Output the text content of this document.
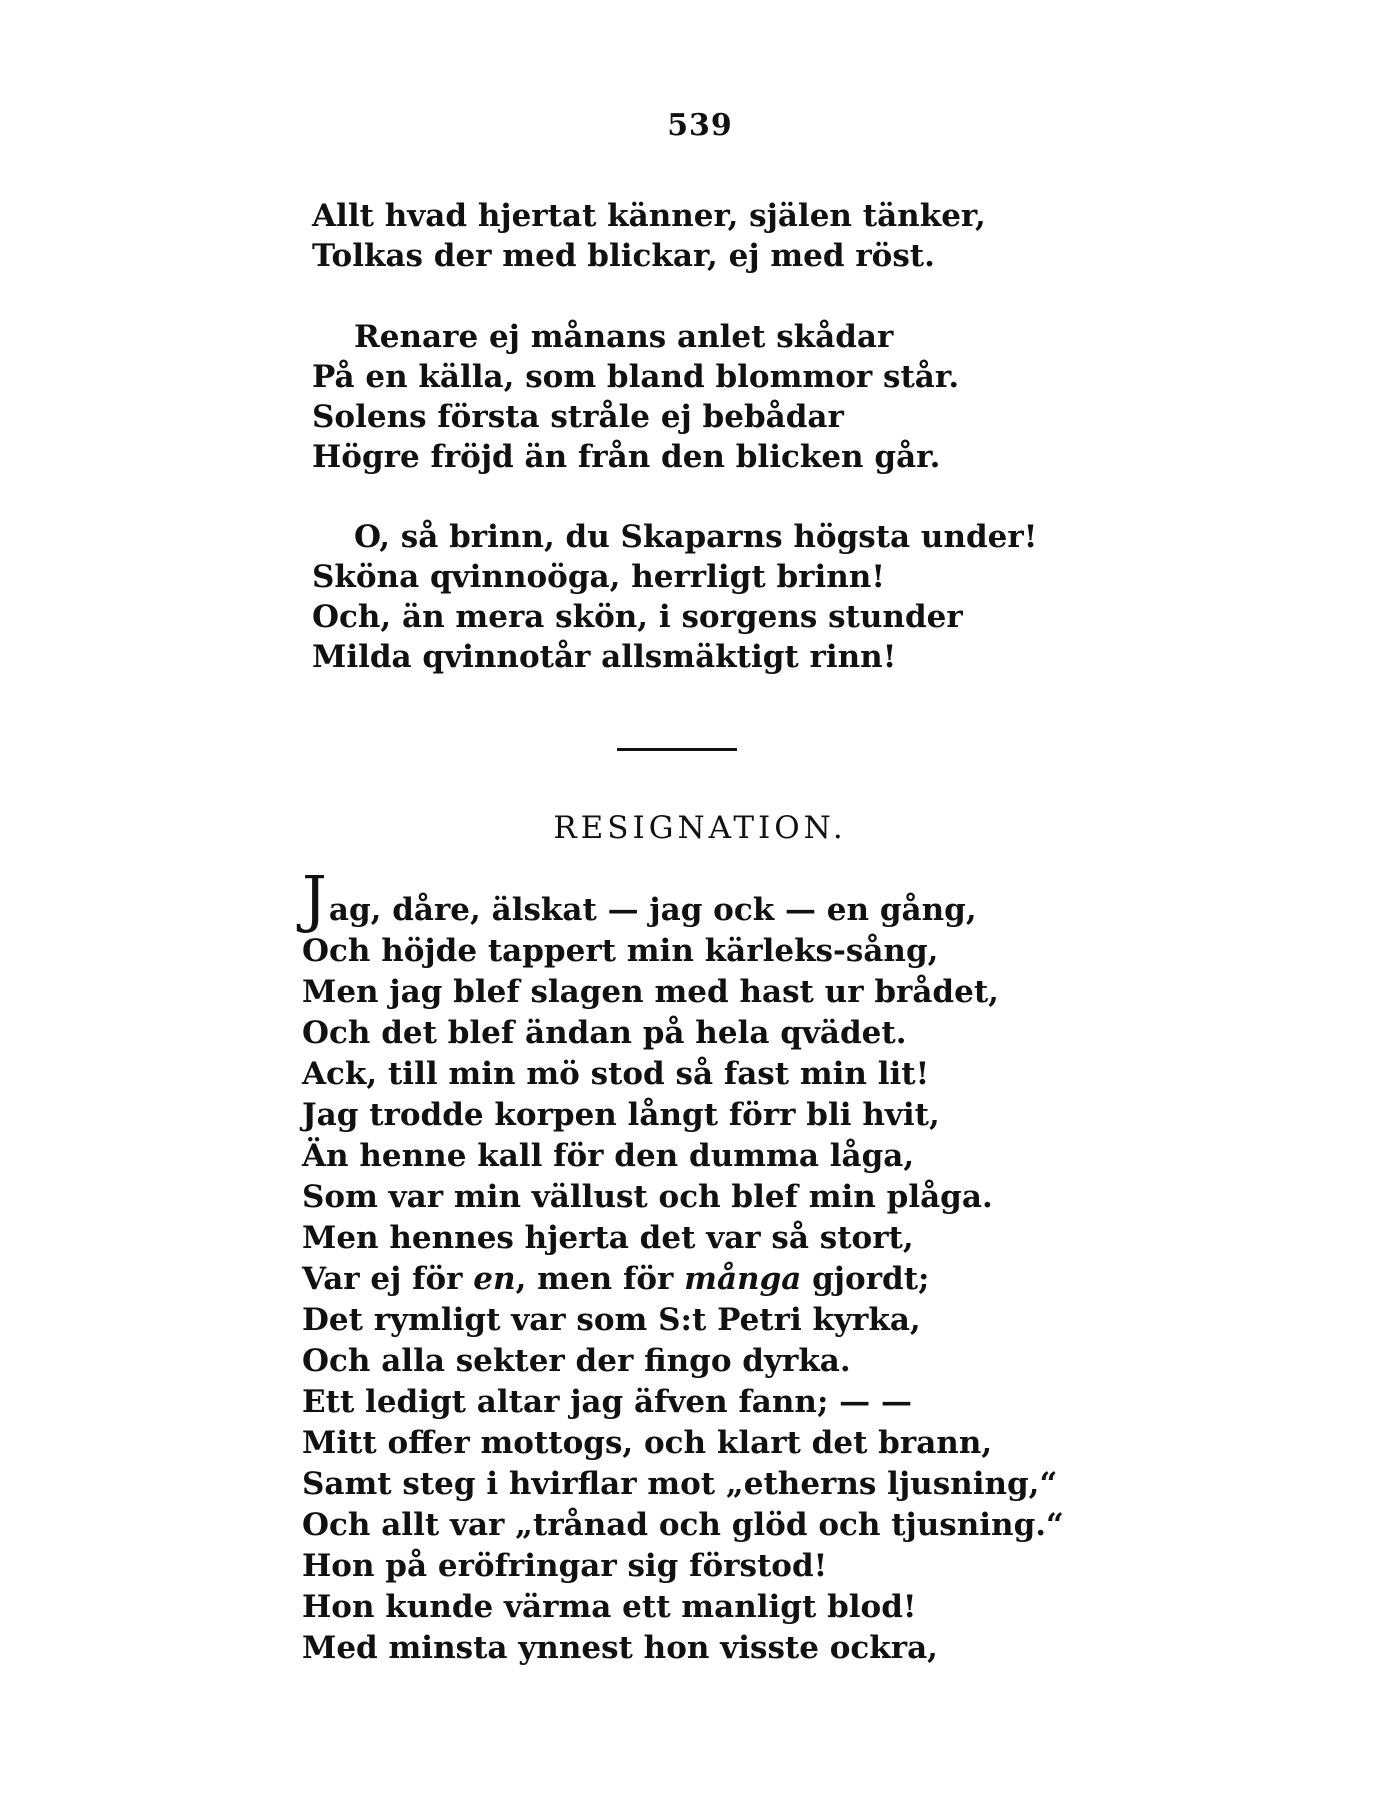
539
Allt hvad hjertat känner, själen tänker,
Tolkas der med blickar, ej med röst.
Renare ej månans anlet skådar
På en källa, som bland blommor står.
Solens första stråle ej bebådar
Högre fröjd än från den blicken går.
O, så brinn, du Skaparns högsta under!
Sköna qvinnoöga, herrligt brinn!
Och, än mera skön, i sorgens stunder
Milda qvinnotår allsmäktigt rinn!
RESIGNATION.
Jag, dåre, älskat — jag ock — en gång,
Och höjde tappert min kärleks-sång,
Men jag blef slagen med hast ur brådet,
Och det blef ändan på hela qvädet.
Ack, till min mö stod så fast min lit!
Jag trodde korpen långt förr bli hvit,
Än henne kall för den dumma låga,
Som var min vällust och blef min plåga.
Men hennes hjerta det var så stort,
Var ej för en, men för många gjordt;
Det rymligt var som S:t Petri kyrka,
Och alla sekter der fingo dyrka.
Ett ledigt altar jag äfven fann; — —
Mitt offer mottogs, och klart det brann,
Samt steg i hvirflar mot „etherns ljusning,“
Och allt var „trånad och glöd och tjusning.“
Hon på eröfringar sig förstod!
Hon kunde värma ett manligt blod!
Med minsta ynnest hon visste ockra,
